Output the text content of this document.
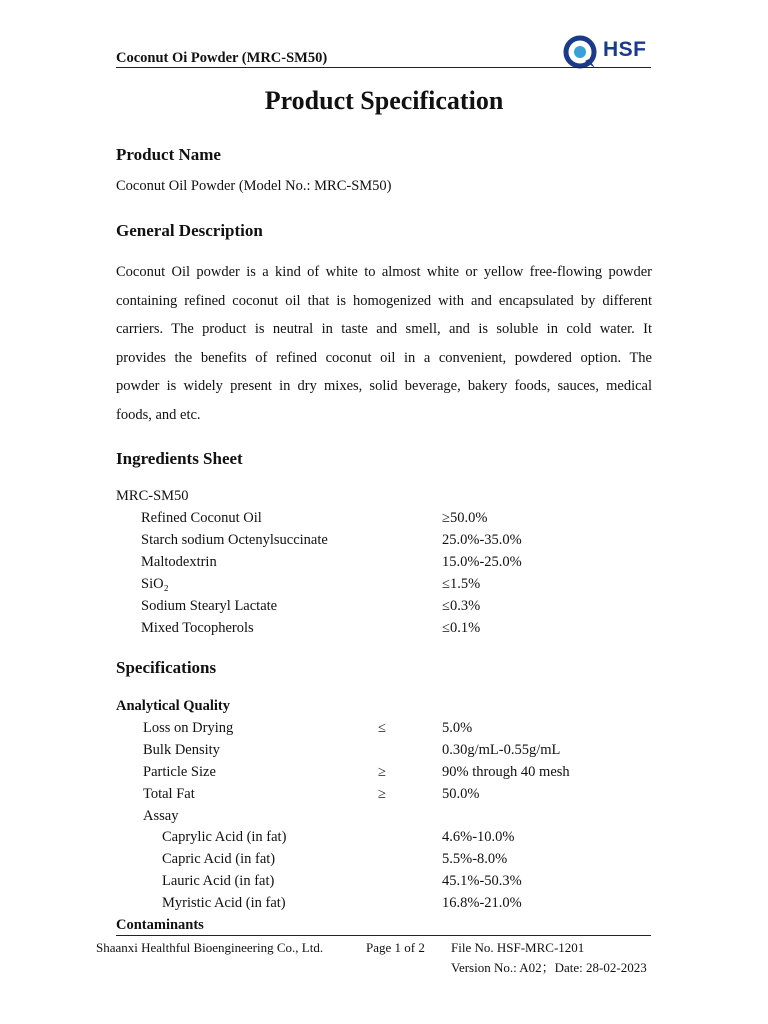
Coconut Oi Powder (MRC-SM50)	HSF
Product Specification
Product Name
Coconut Oil Powder (Model No.: MRC-SM50)
General Description
Coconut Oil powder is a kind of white to almost white or yellow free-flowing powder
containing refined coconut oil that is homogenized with and encapsulated by different
carriers. The product is neutral in taste and smell, and is soluble in cold water. It
provides the benefits of refined coconut oil in a convenient, powdered option. The
powder is widely present in dry mixes, solid beverage, bakery foods, sauces, medical
foods, and etc.
Ingredients Sheet
MRC-SM50
Refined Coconut Oil	≥50.0%
Starch sodium Octenylsuccinate	25.0%-35.0%
Maltodextrin	15.0%-25.0%
SiO₂	≤1.5%
Sodium Stearyl Lactate	≤0.3%
Mixed Tocopherols	≤0.1%
Specifications
Analytical Quality
Loss on Drying	≤	5.0%
Bulk Density	0.30g/mL-0.55g/mL
Particle Size	≥	90% through 40 mesh
Total Fat	≥	50.0%
Assay
Caprylic Acid (in fat)	4.6%-10.0%
Capric Acid (in fat)	5.5%-8.0%
Lauric Acid (in fat)	45.1%-50.3%
Myristic Acid (in fat)	16.8%-21.0%
Contaminants
Shaanxi Healthful Bioengineering Co., Ltd.	Page 1 of 2 File No. HSF-MRC-1201
Version No.: A02；Date: 28-02-2023
